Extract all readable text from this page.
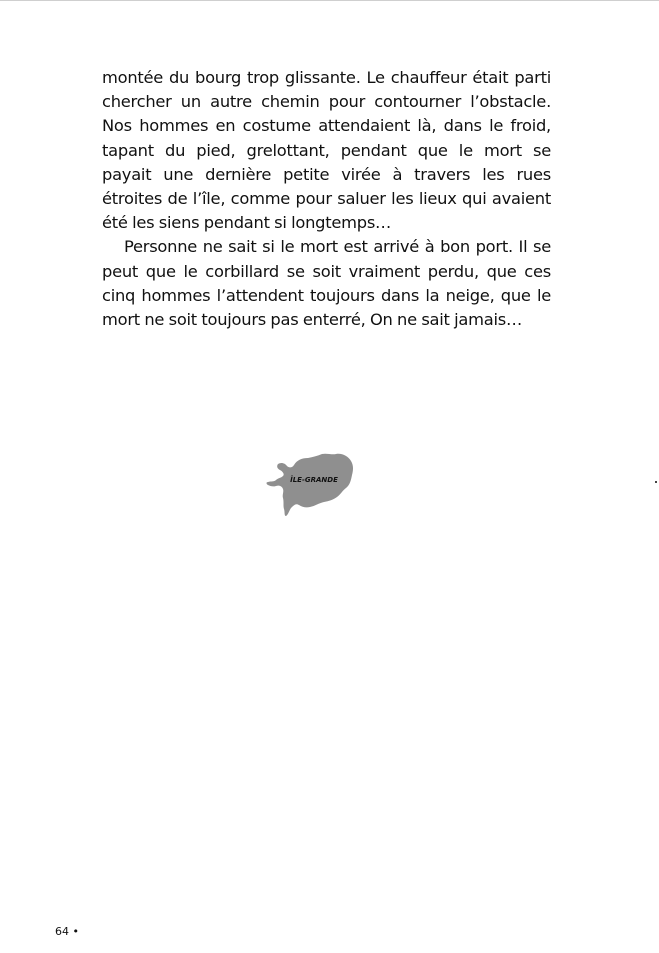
montée du bourg trop glissante. Le chauffeur était parti chercher un autre chemin pour contourner l’obstacle. Nos hommes en costume attendaient là, dans le froid, tapant du pied, grelottant, pendant que le mort se payait une dernière petite virée à travers les rues étroites de l’île, comme pour saluer les lieux qui avaient été les siens pendant si longtemps…

Personne ne sait si le mort est arrivé à bon port. Il se peut que le corbillard se soit vraiment perdu, que ces cinq hommes l’attendent toujours dans la neige, que le mort ne soit toujours pas enterré, On ne sait jamais…

ÎLE-GRANDE
64 •
